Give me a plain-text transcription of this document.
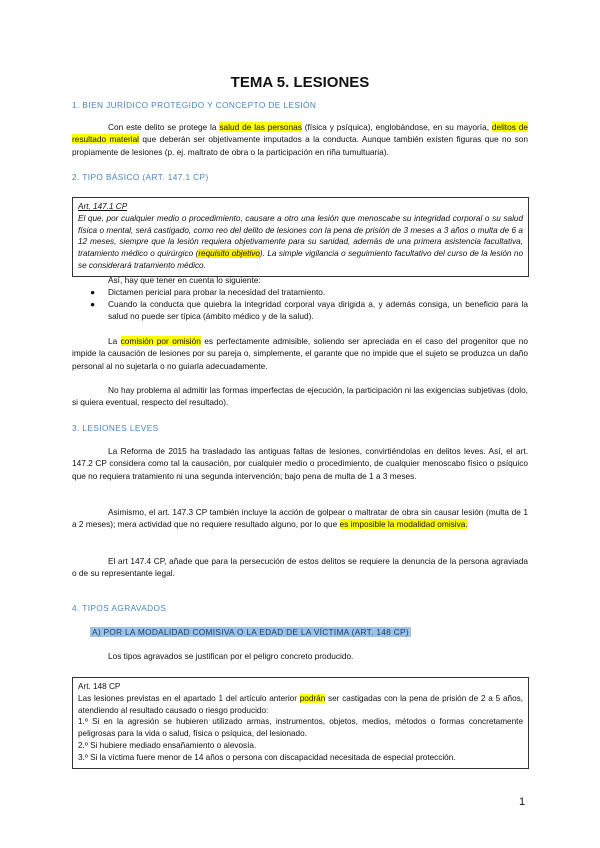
TEMA 5. LESIONES

1. BIEN JURÍDICO PROTEGIDO Y CONCEPTO DE LESIÓN

Con este delito se protege la salud de las personas (física y psíquica), englobándose, en su mayoría, delitos de resultado material que deberán ser objetivamente imputados a la conducta. Aunque también existen figuras que no son propiamente de lesiones (p. ej. maltrato de obra o la participación en riña tumultuaria).

2. TIPO BÁSICO (ART. 147.1 CP)

Art. 147.1 CP
El que, por cualquier medio o procedimiento, causare a otro una lesión que menoscabe su integridad corporal o su salud física o mental, será castigado, como reo del delito de lesiones con la pena de prisión de 3 meses a 3 años o multa de 6 a 12 meses, siempre que la lesión requiera objetivamente para su sanidad, además de una primera asistencia facultativa, tratamiento médico o quirúrgico (requisito objetivo). La simple vigilancia o seguimiento facultativo del curso de la lesión no se considerará tratamiento médico.

Así, hay que tener en cuenta lo siguiente:

● Dictamen pericial para probar la necesidad del tratamiento.
● Cuando la conducta que quiebra la integridad corporal vaya dirigida a, y además consiga, un beneficio para la salud no puede ser típica (ámbito médico y de la salud).

La comisión por omisión es perfectamente admisible, soliendo ser apreciada en el caso del progenitor que no impide la causación de lesiones por su pareja o, simplemente, el garante que no impide que el sujeto se produzca un daño personal al no sujetarla o no guiarla adecuadamente.

No hay problema al admitir las formas imperfectas de ejecución, la participación ni las exigencias subjetivas (dolo, si quiera eventual, respecto del resultado).

3. LESIONES LEVES

La Reforma de 2015 ha trasladado las antiguas faltas de lesiones, convirtiéndolas en delitos leves. Así, el art. 147.2 CP considera como tal la causación, por cualquier medio o procedimiento, de cualquier menoscabo físico o psíquico que no requiera tratamiento ni una segunda intervención; bajo pena de multa de 1 a 3 meses.

Asimismo, el art. 147.3 CP también incluye la acción de golpear o maltratar de obra sin causar lesión (multa de 1 a 2 meses); mera actividad que no requiere resultado alguno, por lo que es imposible la modalidad omisiva.

El art 147.4 CP, añade que para la persecución de estos delitos se requiere la denuncia de la persona agraviada o de su representante legal.

4. TIPOS AGRAVADOS

A) POR LA MODALIDAD COMISIVA O LA EDAD DE LA VÍCTIMA (ART. 148 CP)

Los tipos agravados se justifican por el peligro concreto producido.

Art. 148 CP
Las lesiones previstas en el apartado 1 del artículo anterior podrán ser castigadas con la pena de prisión de 2 a 5 años, atendiendo al resultado causado o riesgo producido:
1.º Si en la agresión se hubieren utilizado armas, instrumentos, objetos, medios, métodos o formas concretamente peligrosas para la vida o salud, física o psíquica, del lesionado.
2.º Si hubiere mediado ensañamiento o alevosía.
3.º Si la víctima fuere menor de 14 años o persona con discapacidad necesitada de especial protección.
1
